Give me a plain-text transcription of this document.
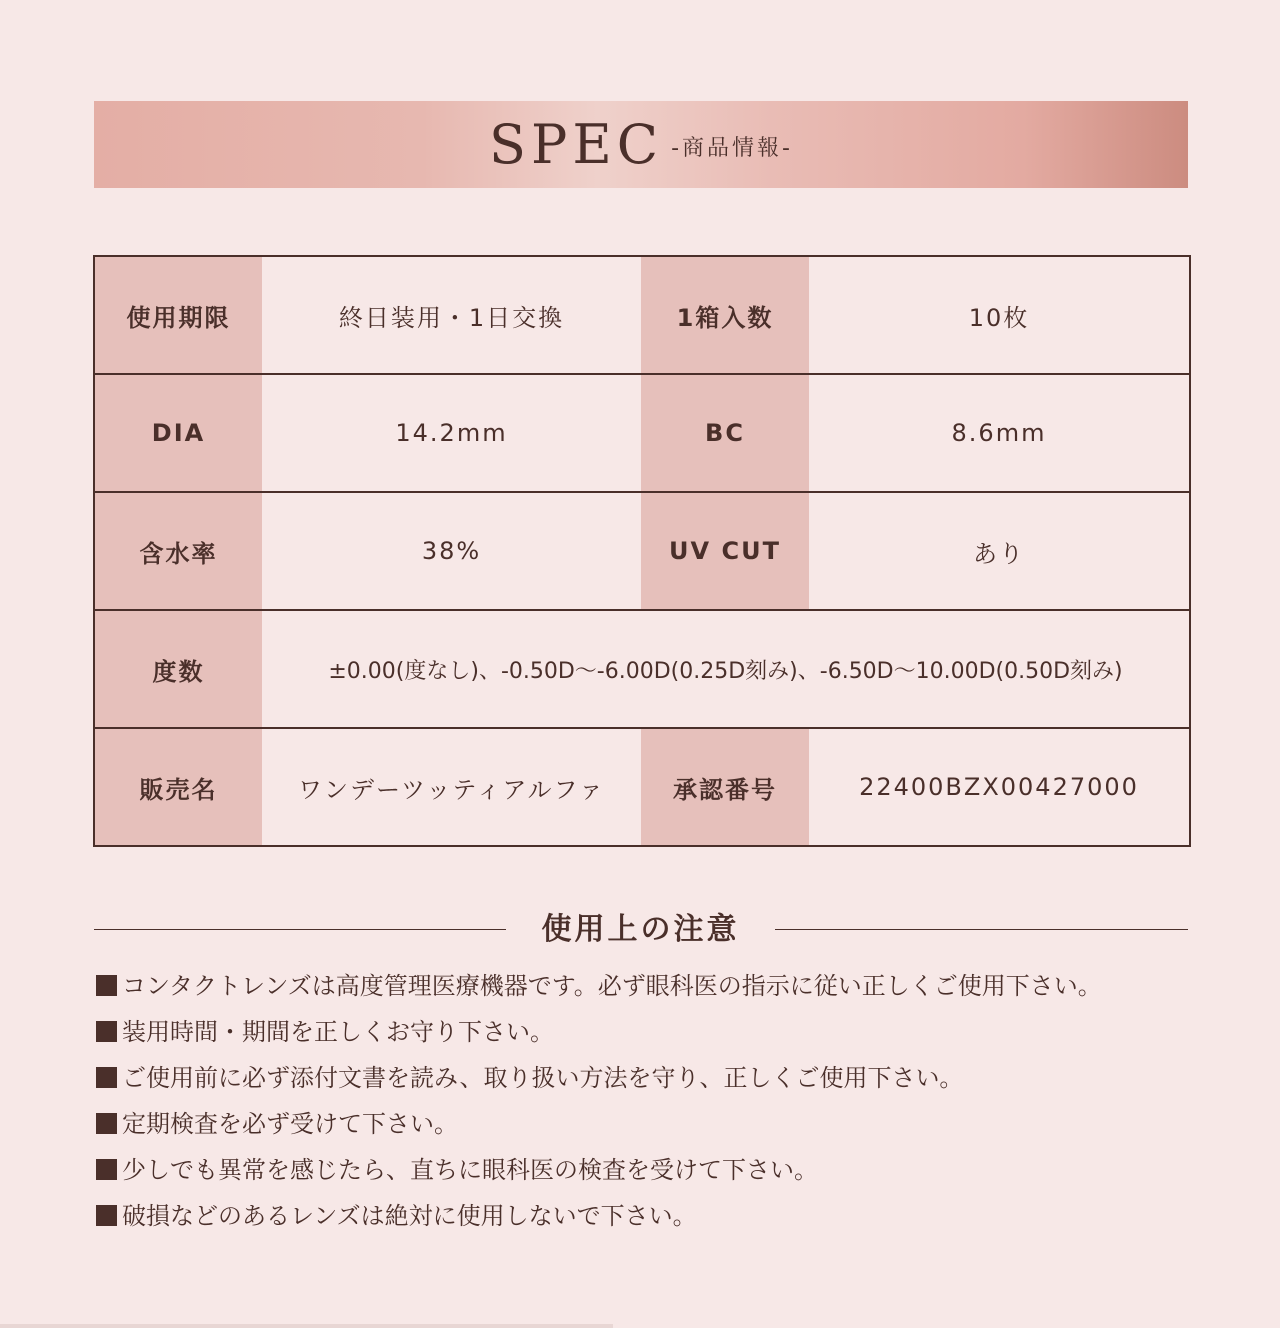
SPEC -商品情報-
使用期限	終日装用・1日交換	1箱入数	10枚
DIA	14.2mm	BC	8.6mm
含水率	38%	UV CUT	あり
度数	±0.00(度なし)、-0.50D〜-6.00D(0.25D刻み)、-6.50D〜10.00D(0.50D刻み)		
販売名	ワンデーツッティアルファ	承認番号	22400BZX00427000
使用上の注意
コンタクトレンズは高度管理医療機器です。必ず眼科医の指示に従い正しくご使用下さい。
装用時間・期間を正しくお守り下さい。
ご使用前に必ず添付文書を読み、取り扱い方法を守り、正しくご使用下さい。
定期検査を必ず受けて下さい。
少しでも異常を感じたら、直ちに眼科医の検査を受けて下さい。
破損などのあるレンズは絶対に使用しないで下さい。
